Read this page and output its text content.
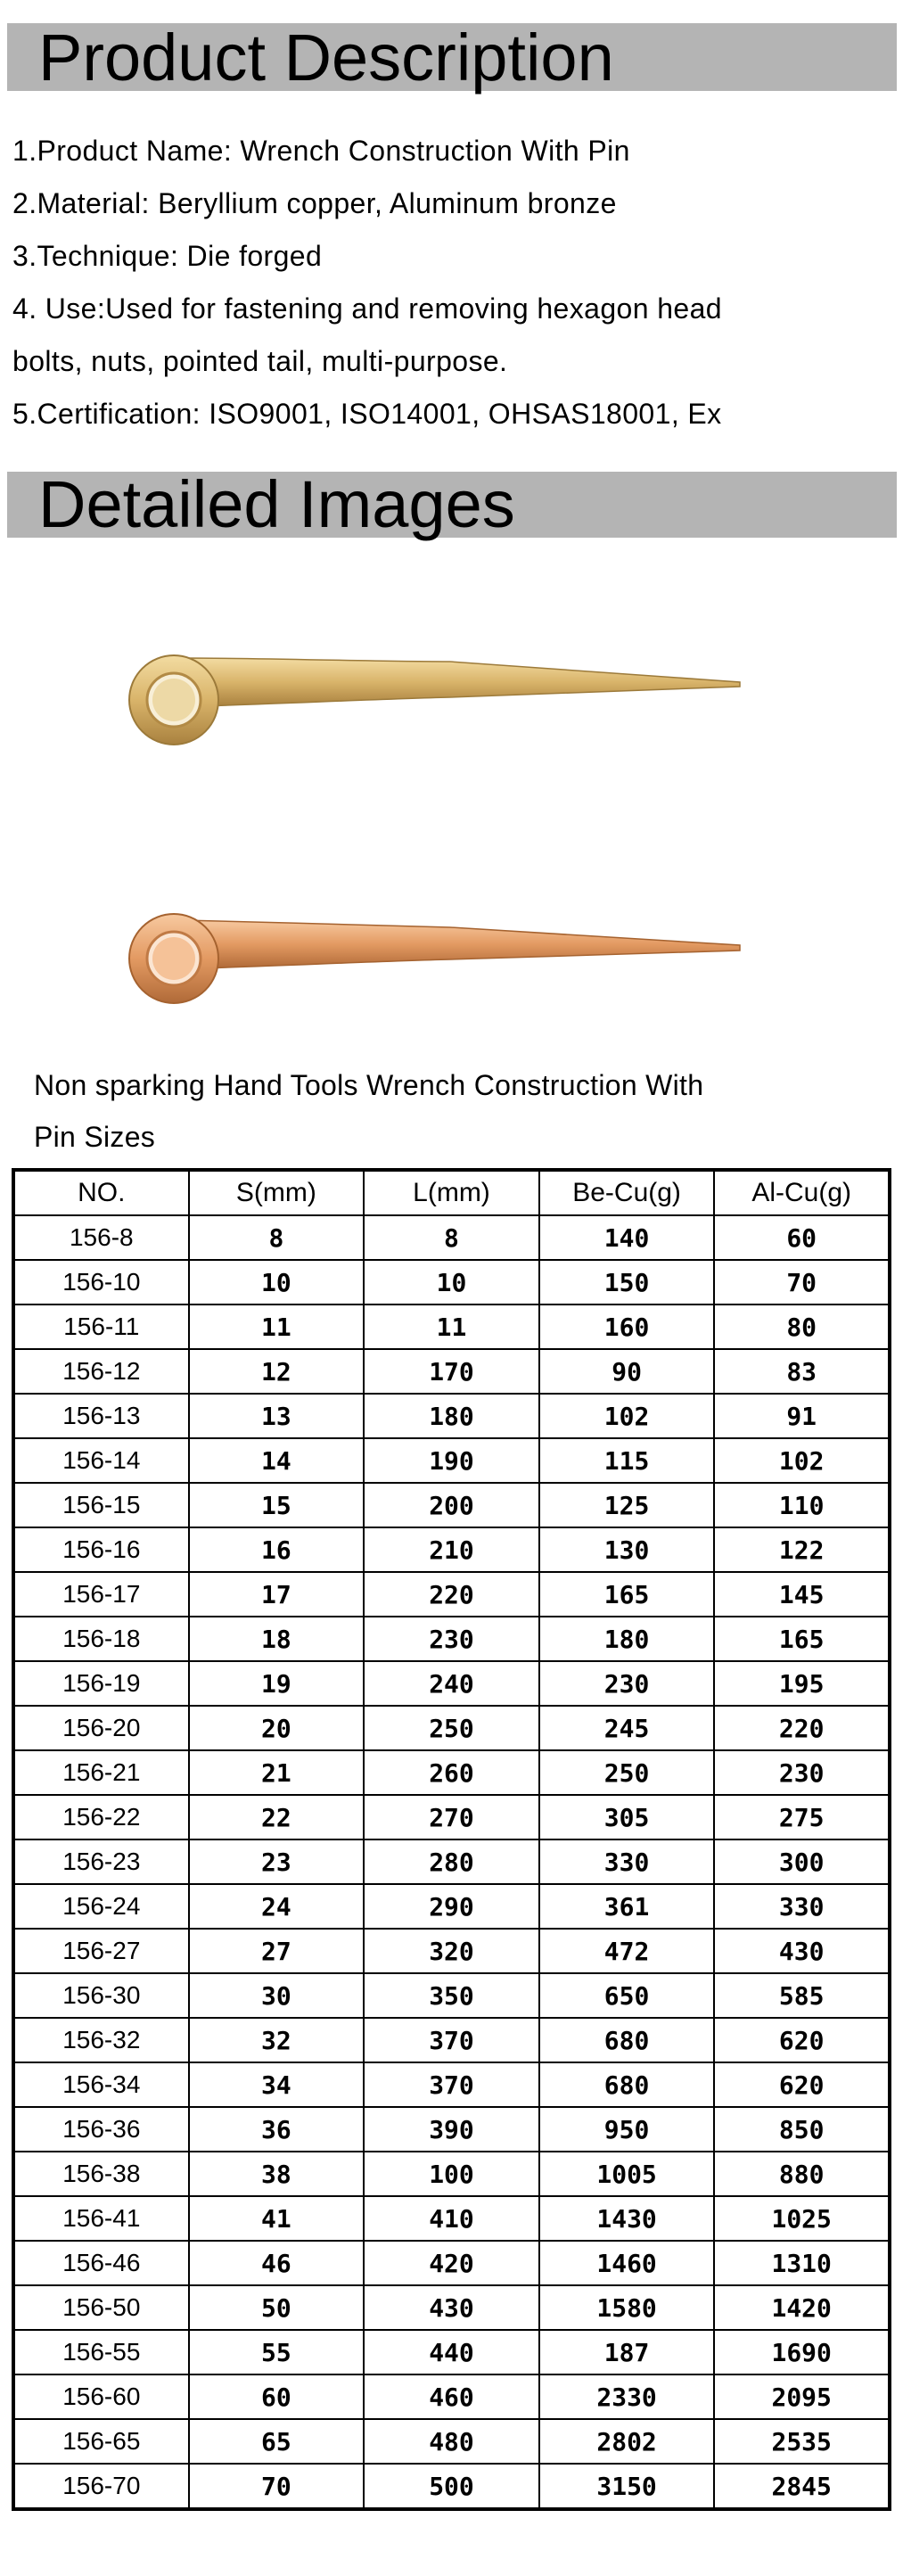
Product Description
1.Product Name: Wrench Construction With Pin
2.Material: Beryllium copper, Aluminum bronze
3.Technique: Die forged
4. Use:Used for fastening and removing hexagon head
bolts, nuts, pointed tail, multi-purpose.
5.Certification: ISO9001, ISO14001, OHSAS18001, Ex
Detailed Images
Non sparking Hand Tools Wrench Construction With
Pin Sizes
NO.	S(mm)	L(mm)	Be-Cu(g)	Al-Cu(g)
156-8	8	8	140	60
156-10	10	10	150	70
156-11	11	11	160	80
156-12	12	170	90	83
156-13	13	180	102	91
156-14	14	190	115	102
156-15	15	200	125	110
156-16	16	210	130	122
156-17	17	220	165	145
156-18	18	230	180	165
156-19	19	240	230	195
156-20	20	250	245	220
156-21	21	260	250	230
156-22	22	270	305	275
156-23	23	280	330	300
156-24	24	290	361	330
156-27	27	320	472	430
156-30	30	350	650	585
156-32	32	370	680	620
156-34	34	370	680	620
156-36	36	390	950	850
156-38	38	100	1005	880
156-41	41	410	1430	1025
156-46	46	420	1460	1310
156-50	50	430	1580	1420
156-55	55	440	187	1690
156-60	60	460	2330	2095
156-65	65	480	2802	2535
156-70	70	500	3150	2845
